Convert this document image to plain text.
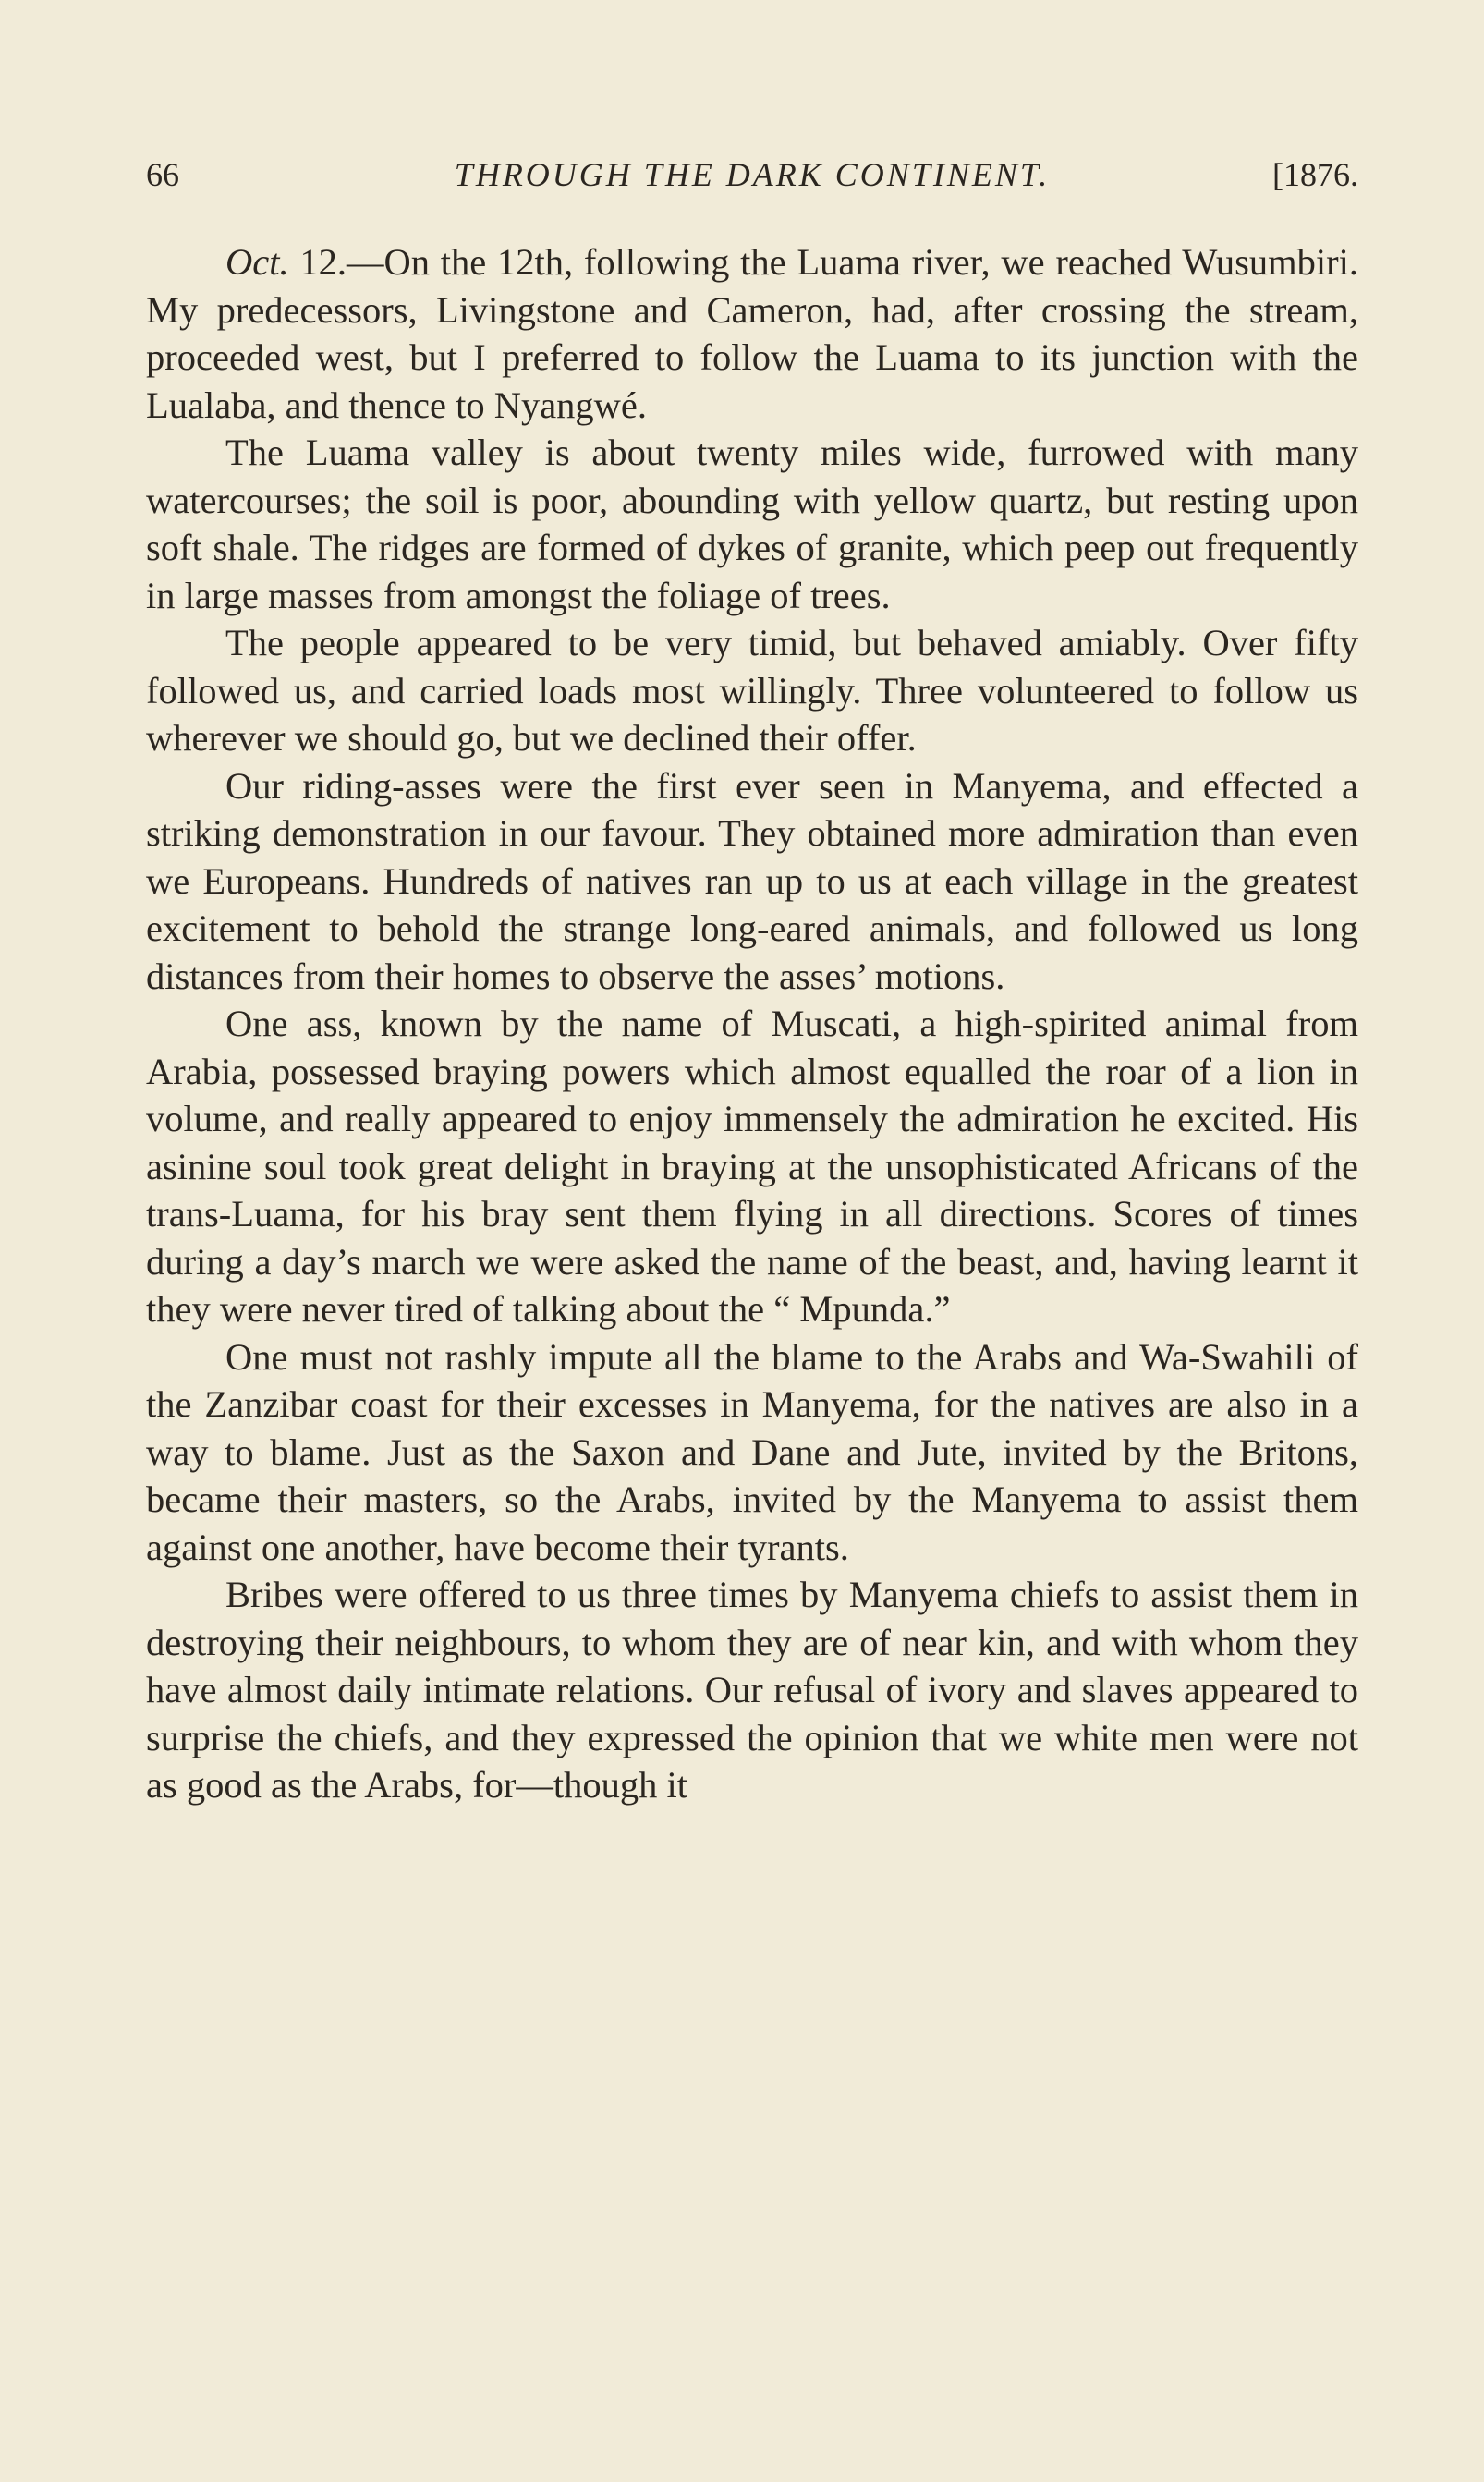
66	THROUGH THE DARK CONTINENT.	[1876.

Oct. 12.—On the 12th, following the Luama river, we reached Wusumbiri. My predecessors, Livingstone and Cameron, had, after crossing the stream, proceeded west, but I preferred to follow the Luama to its junction with the Lualaba, and thence to Nyangwé.

The Luama valley is about twenty miles wide, furrowed with many watercourses; the soil is poor, abounding with yellow quartz, but resting upon soft shale. The ridges are formed of dykes of granite, which peep out frequently in large masses from amongst the foliage of trees.

The people appeared to be very timid, but behaved amiably. Over fifty followed us, and carried loads most willingly. Three volunteered to follow us wherever we should go, but we declined their offer.

Our riding-asses were the first ever seen in Manyema, and effected a striking demonstration in our favour. They obtained more admiration than even we Europeans. Hundreds of natives ran up to us at each village in the greatest excitement to behold the strange long-eared animals, and followed us long distances from their homes to observe the asses’ motions.

One ass, known by the name of Muscati, a high-spirited animal from Arabia, possessed braying powers which almost equalled the roar of a lion in volume, and really appeared to enjoy immensely the admiration he excited. His asinine soul took great delight in braying at the unsophisticated Africans of the trans-Luama, for his bray sent them flying in all directions. Scores of times during a day’s march we were asked the name of the beast, and, having learnt it they were never tired of talking about the “ Mpunda.”

One must not rashly impute all the blame to the Arabs and Wa-Swahili of the Zanzibar coast for their excesses in Manyema, for the natives are also in a way to blame. Just as the Saxon and Dane and Jute, invited by the Britons, became their masters, so the Arabs, invited by the Manyema to assist them against one another, have become their tyrants.

Bribes were offered to us three times by Manyema chiefs to assist them in destroying their neighbours, to whom they are of near kin, and with whom they have almost daily intimate relations. Our refusal of ivory and slaves appeared to surprise the chiefs, and they expressed the opinion that we white men were not as good as the Arabs, for—though it
